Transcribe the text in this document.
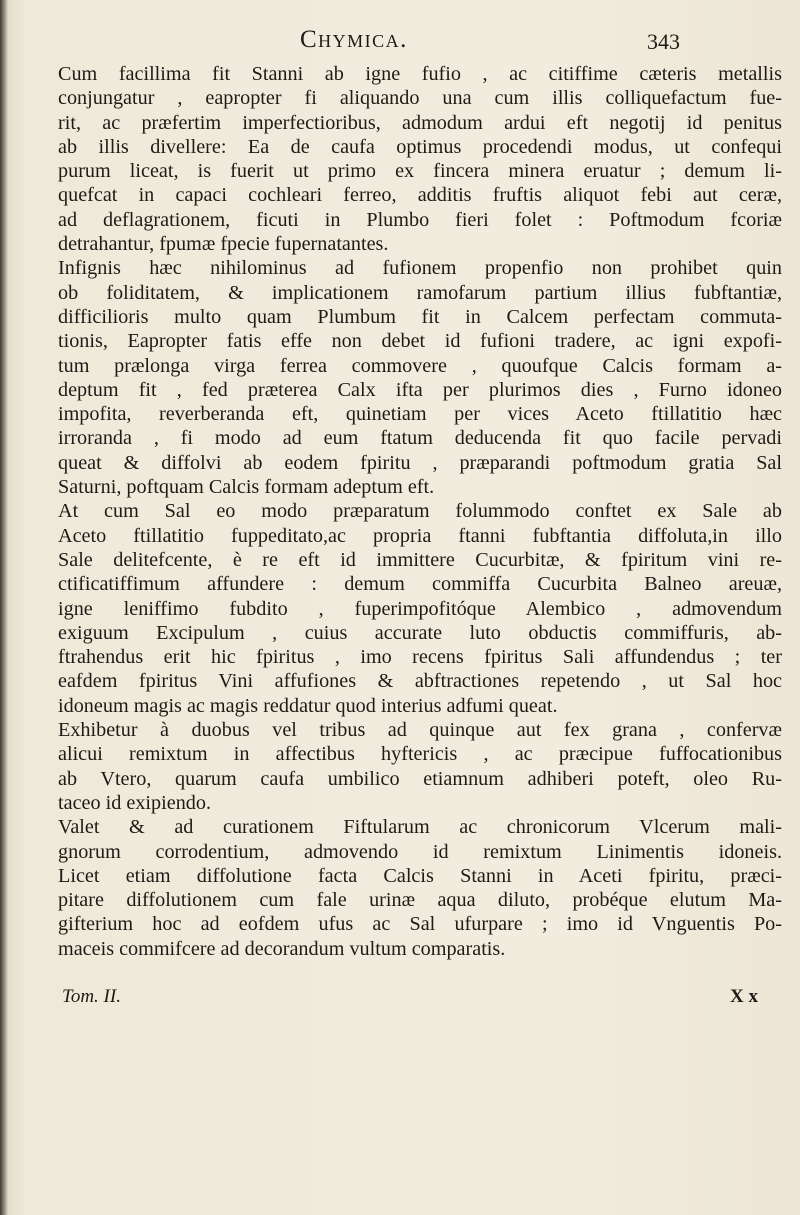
Chymica.	343
Cum facillima fit Stanni ab igne fufio , ac citiffime cæteris metallis
conjungatur , eapropter fi aliquando una cum illis colliquefactum fue-
rit, ac præfertim imperfectioribus, admodum ardui eft negotij id penitus
ab illis divellere: Ea de caufa optimus procedendi modus, ut confequi
purum liceat, is fuerit ut primo ex fincera minera eruatur ; demum li-
quefcat in capaci cochleari ferreo, additis fruftis aliquot febi aut ceræ,
ad deflagrationem, ficuti in Plumbo fieri folet : Poftmodum fcoriæ
detrahantur, fpumæ fpecie fupernatantes.
Infignis hæc nihilominus ad fufionem propenfio non prohibet quin
ob foliditatem, & implicationem ramofarum partium illius fubftantiæ,
difficilioris multo quam Plumbum fit in Calcem perfectam commuta-
tionis, Eapropter fatis effe non debet id fufioni tradere, ac igni expofi-
tum prælonga virga ferrea commovere , quoufque Calcis formam a-
deptum fit , fed præterea Calx ifta per plurimos dies , Furno idoneo
impofita, reverberanda eft, quinetiam per vices Aceto ftillatitio hæc
irroranda , fi modo ad eum ftatum deducenda fit quo facile pervadi
queat & diffolvi ab eodem fpiritu , præparandi poftmodum gratia Sal
Saturni, poftquam Calcis formam adeptum eft.
At cum Sal eo modo præparatum folummodo conftet ex Sale ab
Aceto ftillatitio fuppeditato,ac propria ftanni fubftantia diffoluta,in illo
Sale delitefcente, è re eft id immittere Cucurbitæ, & fpiritum vini re-
ctificatiffimum affundere : demum commiffa Cucurbita Balneo areuæ,
igne leniffimo fubdito , fuperimpofitóque Alembico , admovendum
exiguum Excipulum , cuius accurate luto obductis commiffuris, ab-
ftrahendus erit hic fpiritus , imo recens fpiritus Sali affundendus ; ter
eafdem fpiritus Vini affufiones & abftractiones repetendo , ut Sal hoc
idoneum magis ac magis reddatur quod interius adfumi queat.
Exhibetur à duobus vel tribus ad quinque aut fex grana , confervæ
alicui remixtum in affectibus hyftericis , ac præcipue fuffocationibus
ab Vtero, quarum caufa umbilico etiamnum adhiberi poteft, oleo Ru-
taceo id exipiendo.
Valet & ad curationem Fiftularum ac chronicorum Vlcerum mali-
gnorum corrodentium, admovendo id remixtum Linimentis idoneis.
Licet etiam diffolutione facta Calcis Stanni in Aceti fpiritu, præci-
pitare diffolutionem cum fale urinæ aqua diluto, probéque elutum Ma-
gifterium hoc ad eofdem ufus ac Sal ufurpare ; imo id Vnguentis Po-
maceis commifcere ad decorandum vultum comparatis.
Tom. II.	X x
